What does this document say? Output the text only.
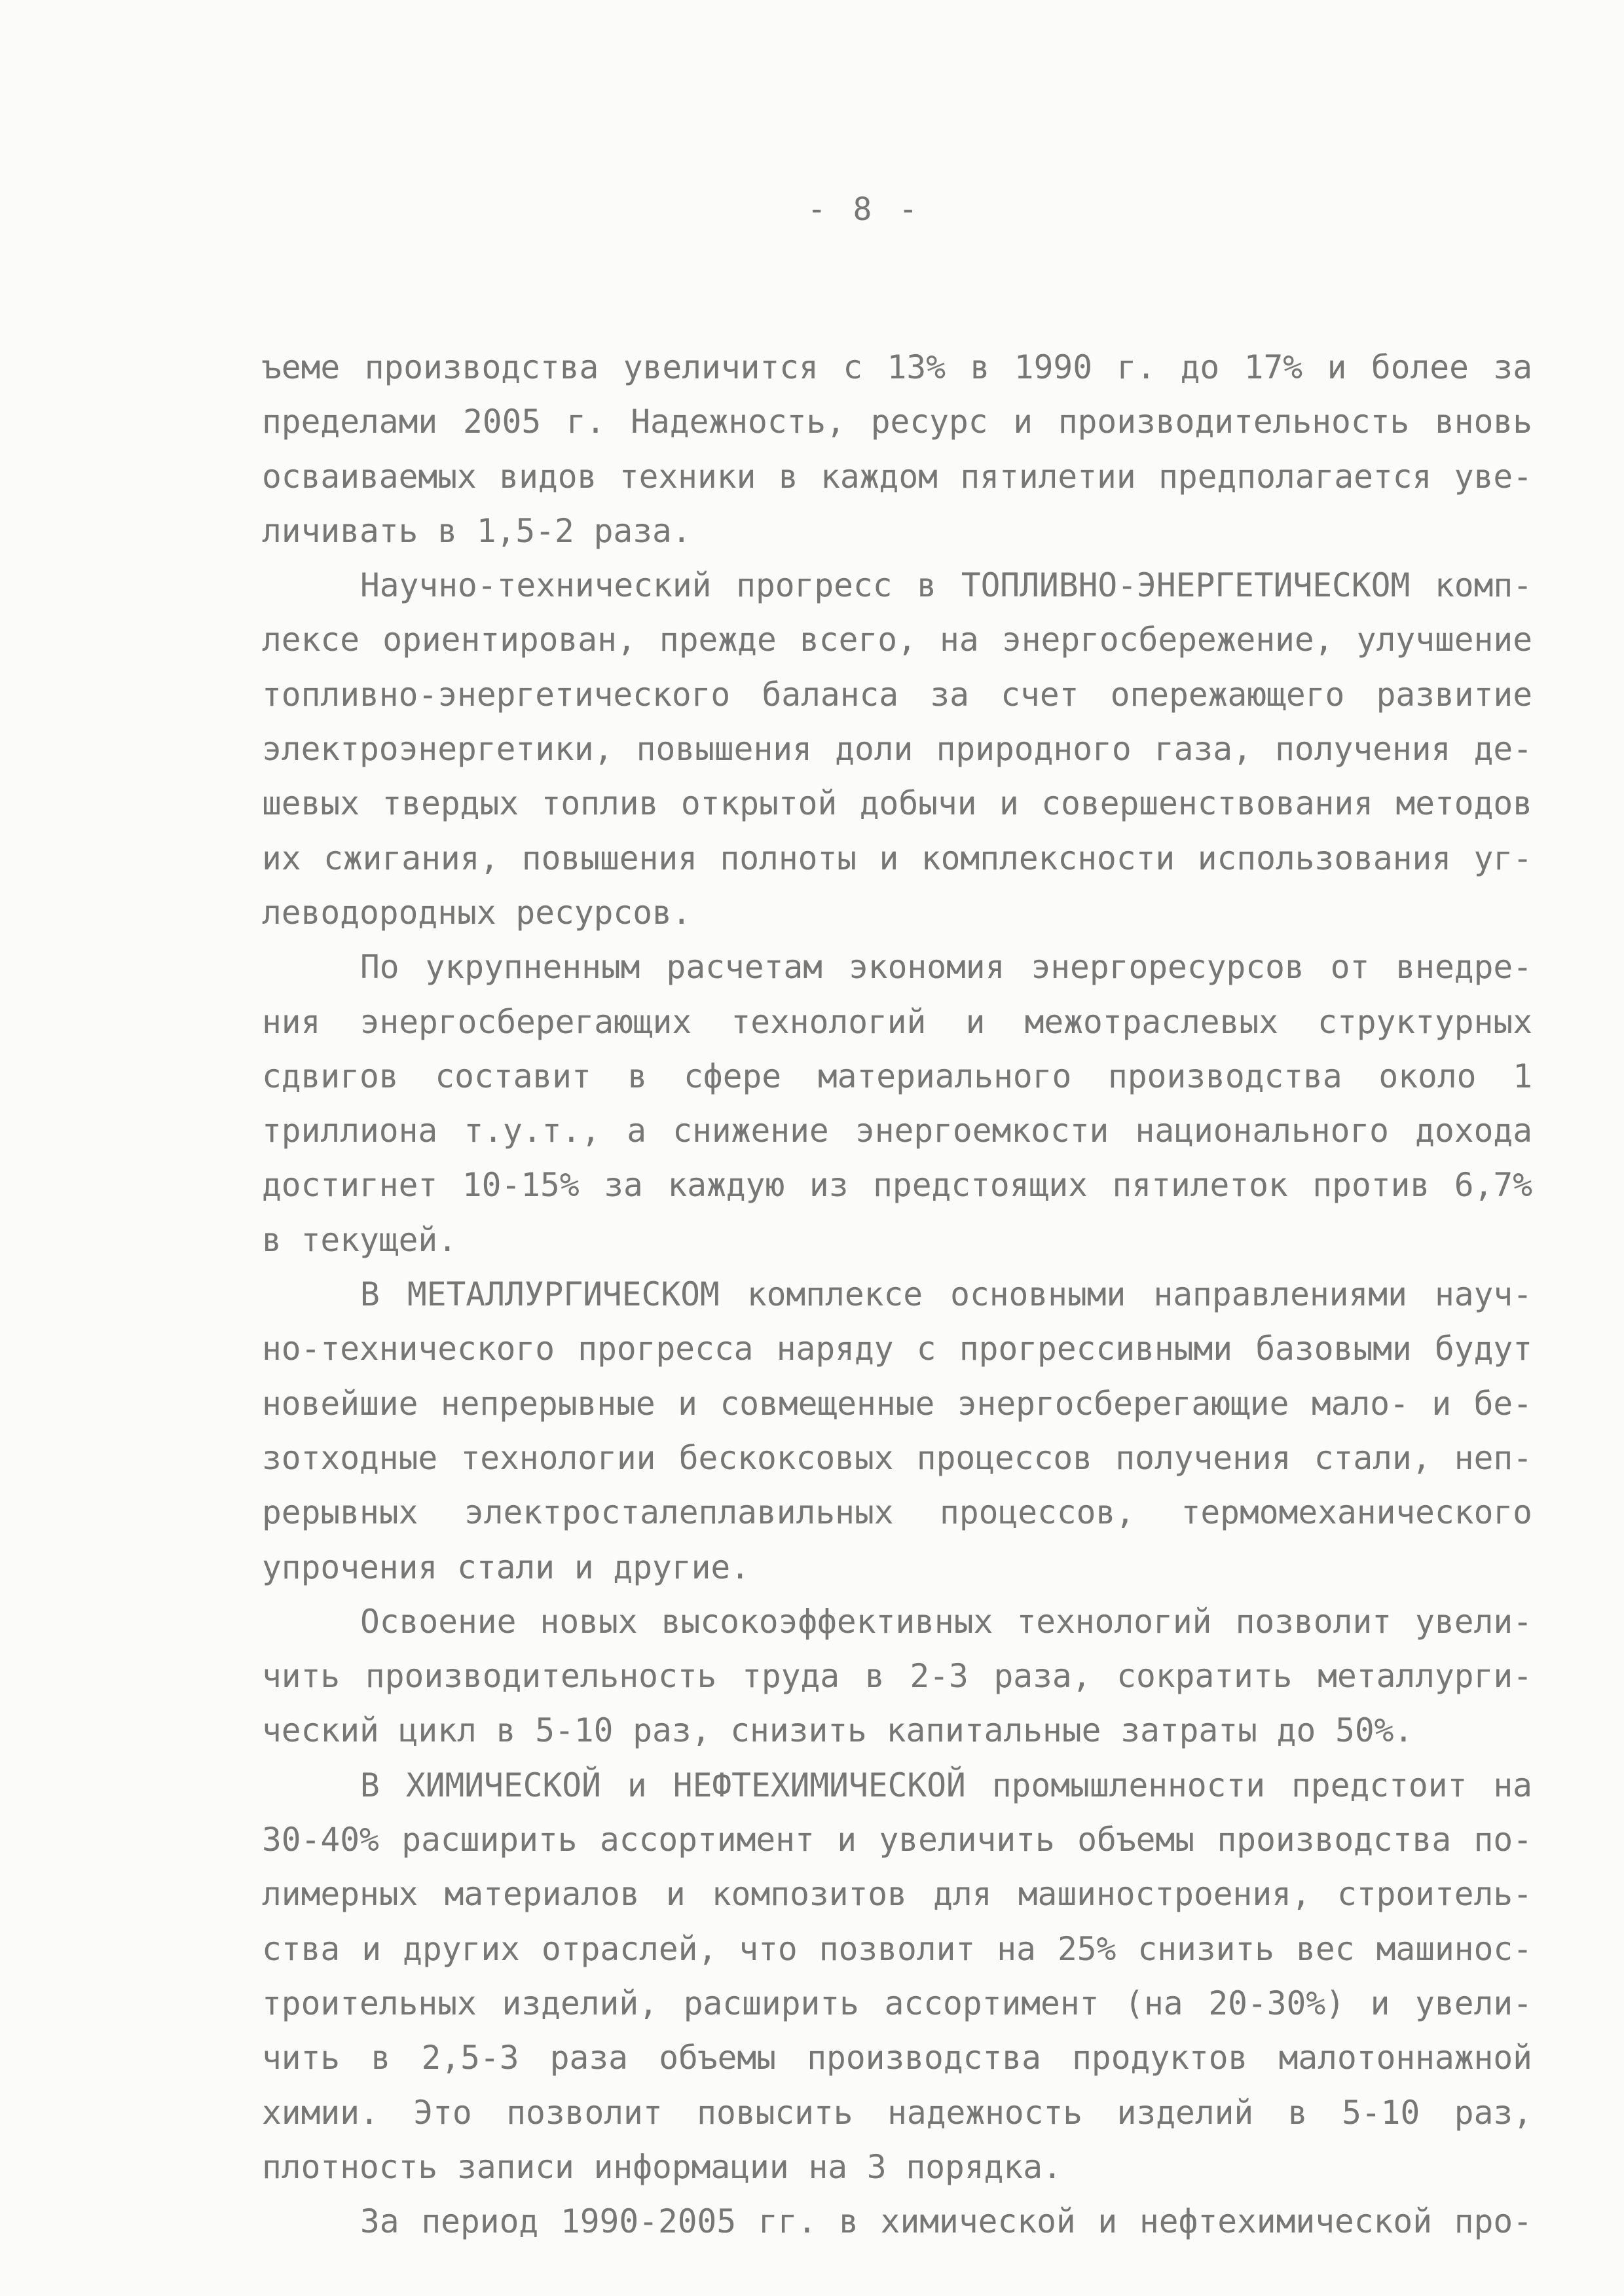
- 8 -
ъеме производства увеличится с 13% в 1990 г. до 17% и более за
пределами 2005 г. Надежность, ресурс и производительность вновь
осваиваемых видов техники в каждом пятилетии предполагается уве-
личивать в 1,5-2 раза.
Научно-технический прогресс в ТОПЛИВНО-ЭНЕРГЕТИЧЕСКОМ комп-
лексе ориентирован, прежде всего, на энергосбережение, улучшение
топливно-энергетического баланса за счет опережающего развитие
электроэнергетики, повышения доли природного газа, получения де-
шевых твердых топлив открытой добычи и совершенствования методов
их сжигания, повышения полноты и комплексности использования уг-
леводородных ресурсов.
По укрупненным расчетам экономия энергоресурсов от внедре-
ния энергосберегающих технологий и межотраслевых структурных
сдвигов составит в сфере материального производства около 1
триллиона т.у.т., а снижение энергоемкости национального дохода
достигнет 10-15% за каждую из предстоящих пятилеток против 6,7%
в текущей.
В МЕТАЛЛУРГИЧЕСКОМ комплексе основными направлениями науч-
но-технического прогресса наряду с прогрессивными базовыми будут
новейшие непрерывные и совмещенные энергосберегающие мало- и бе-
зотходные технологии бескоксовых процессов получения стали, неп-
рерывных электросталеплавильных процессов, термомеханического
упрочения стали и другие.
Освоение новых высокоэффективных технологий позволит увели-
чить производительность труда в 2-3 раза, сократить металлурги-
ческий цикл в 5-10 раз, снизить капитальные затраты до 50%.
В ХИМИЧЕСКОЙ и НЕФТЕХИМИЧЕСКОЙ промышленности предстоит на
30-40% расширить ассортимент и увеличить объемы производства по-
лимерных материалов и композитов для машиностроения, строитель-
ства и других отраслей, что позволит на 25% снизить вес машинос-
троительных изделий, расширить ассортимент (на 20-30%) и увели-
чить в 2,5-3 раза объемы производства продуктов малотоннажной
химии. Это позволит повысить надежность изделий в 5-10 раз,
плотность записи информации на 3 порядка.
За период 1990-2005 гг. в химической и нефтехимической про-
